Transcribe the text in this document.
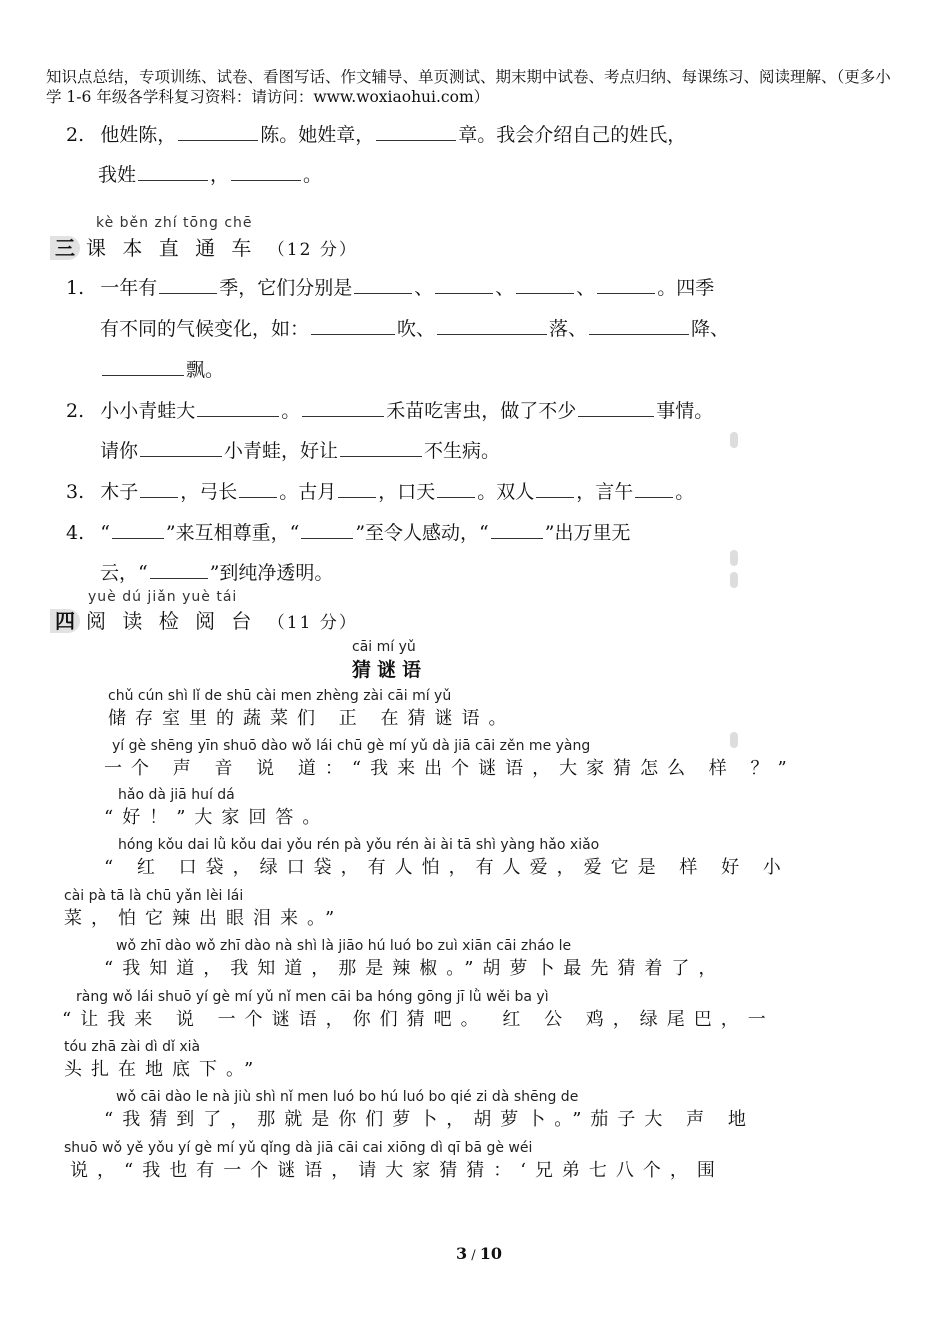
知识点总结，专项训练、试卷、看图写话、作文辅导、单页测试、期末期中试卷、考点归纳、每课练习、阅读理解、（更多小
学 1-6 年级各学科复习资料：请访问：www.woxiaohui.com）
2. 他姓陈，	陈。她姓章，	章。我会介绍自己的姓氏，
我姓	，	。
kè běn zhí tōng chē
三 课 本 直 通 车 （12 分）
1. 一年有	季，它们分别是	、	、	、	。四季
有不同的气候变化，如：	吹、	落、	降、
飘。
2. 小小青蛙大	。	禾苗吃害虫，做了不少	事情。
请你	小青蛙，好让	不生病。
3. 木子 ，弓长 。古月 ，口天 。双人 ，言午 。
4. “	”来互相尊重，“	”至令人感动，“	”出万里无
云，“	”到纯净透明。
yuè dú jiǎn yuè tái
四 阅 读 检 阅 台 （11 分）
cāi mí yǔ
猜谜语
chǔ cún shì lǐ de shū cài men zhèng zài cāi mí yǔ
储存室里的蔬菜们 正 在猜谜语。
yí gè shēng yīn shuō dào wǒ lái chū gè mí yǔ dà jiā cāi zěn me yàng
一个 声 音 说 道：“我来出个谜语，大家猜怎么 样 ？”
hǎo dà jiā huí dá
“好！”大家回答。
hóng kǒu dai lǜ kǒu dai yǒu rén pà yǒu rén ài ài tā shì yàng hǎo xiǎo
“ 红 口袋，绿口袋，有人怕，有人爱，爱它是 样 好 小
cài pà tā là chū yǎn lèi lái
菜，怕它辣出眼泪来。”
wǒ zhī dào wǒ zhī dào nà shì là jiāo hú luó bo zuì xiān cāi zháo le
“我知道，我知道，那是辣椒。”胡萝卜最先猜着了，
ràng wǒ lái shuō yí gè mí yǔ nǐ men cāi ba hóng gōng jī lǜ wěi ba yì
“让我来 说 一个谜语，你们猜吧。 红 公 鸡，绿尾巴，一
tóu zhā zài dì dǐ xià
头扎在地底下。”
wǒ cāi dào le nà jiù shì nǐ men luó bo hú luó bo qié zi dà shēng de
“我猜到了，那就是你们萝卜，胡萝卜。”茄子大 声 地
shuō wǒ yě yǒu yí gè mí yǔ qǐng dà jiā cāi cai xiōng dì qī bā gè wéi
说，“我也有一个谜语，请大家猜猜：‘兄弟七八个，围
3 / 10
